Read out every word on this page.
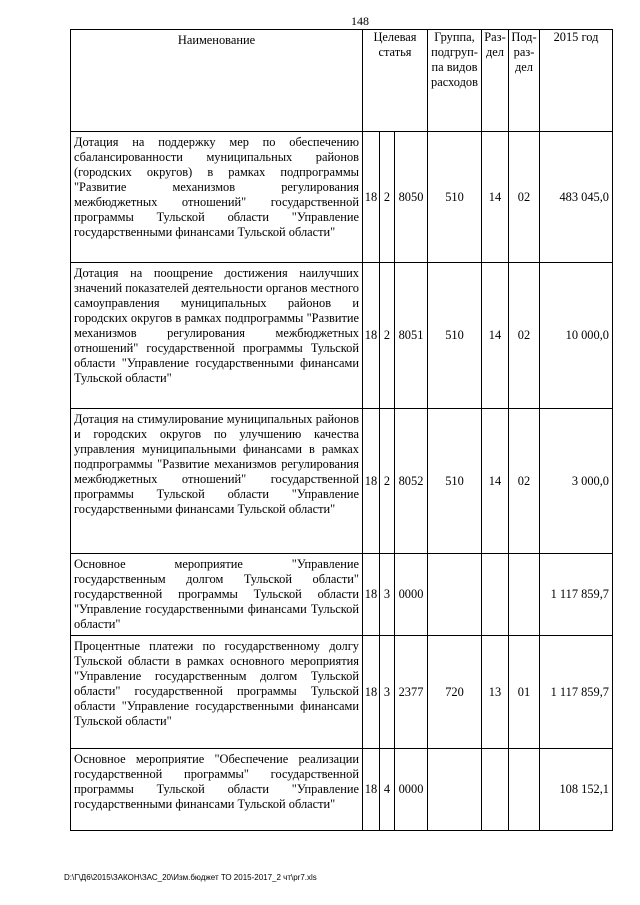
148
Наименование	Целевая статья			Группа, подгруп-па видов расходов	Раз-дел	Под-раз-дел	2015 год
Дотация на поддержку мер по обеспечению сбалансированности муниципальных районов (городских округов) в рамках подпрограммы "Развитие механизмов регулирования межбюджетных отношений" государственной программы Тульской области "Управление государственными финансами Тульской области"	18	2	8050	510	14	02	483 045,0
Дотация на поощрение достижения наилучших значений показателей деятельности органов местного самоуправления муниципальных районов и городских округов в рамках подпрограммы "Развитие механизмов регулирования межбюджетных отношений" государственной программы Тульской области "Управление государственными финансами Тульской области"	18	2	8051	510	14	02	10 000,0
Дотация на стимулирование муниципальных районов и городских округов по улучшению качества управления муниципальными финансами в рамках подпрограммы "Развитие механизмов регулирования межбюджетных отношений" государственной программы Тульской области "Управление государственными финансами Тульской области"	18	2	8052	510	14	02	3 000,0
Основное мероприятие "Управление государственным долгом Тульской области" государственной программы Тульской области "Управление государственными финансами Тульской области"	18	3	0000				1 117 859,7
Процентные платежи по государственному долгу Тульской области в рамках основного мероприятия "Управление государственным долгом Тульской области" государственной программы Тульской области "Управление государственными финансами Тульской области"	18	3	2377	720	13	01	1 117 859,7
Основное мероприятие "Обеспечение реализации государственной программы" государственной программы Тульской области "Управление государственными финансами Тульской области"	18	4	0000				108 152,1
D:\Г\Д6\2015\ЗАКОН\ЗАС_20\Изм.бюджет ТО 2015-2017_2 чт\pr7.xls
